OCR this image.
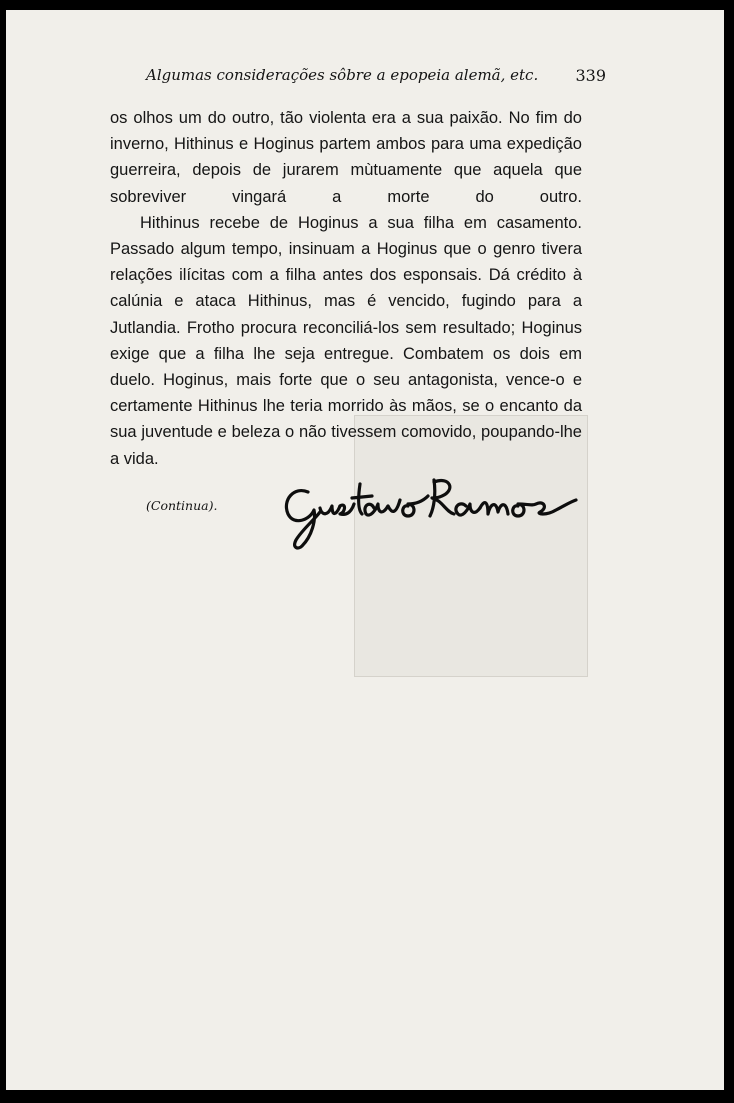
Algumas considerações sôbre a epopeia alemã, etc. 339

os olhos um do outro, tão violenta era a sua paixão. No fim do inverno, Hithinus e Hoginus partem ambos para uma expedição guerreira, depois de jurarem mùtuamente que aquela que sobreviver vingará a morte do outro.

Hithinus recebe de Hoginus a sua filha em casamento. Passado algum tempo, insinuam a Hoginus que o genro tivera relações ilícitas com a filha antes dos esponsais. Dá crédito à calúnia e ataca Hithinus, mas é vencido, fugindo para a Jutlandia. Frotho procura reconciliá-los sem resultado; Hoginus exige que a filha lhe seja entregue. Combatem os dois em duelo. Hoginus, mais forte que o seu antagonista, vence-o e certamente Hithinus lhe teria morrido às mãos, se o encanto da sua juventude e beleza o não tivessem comovido, poupando-lhe a vida.

(Continua).
